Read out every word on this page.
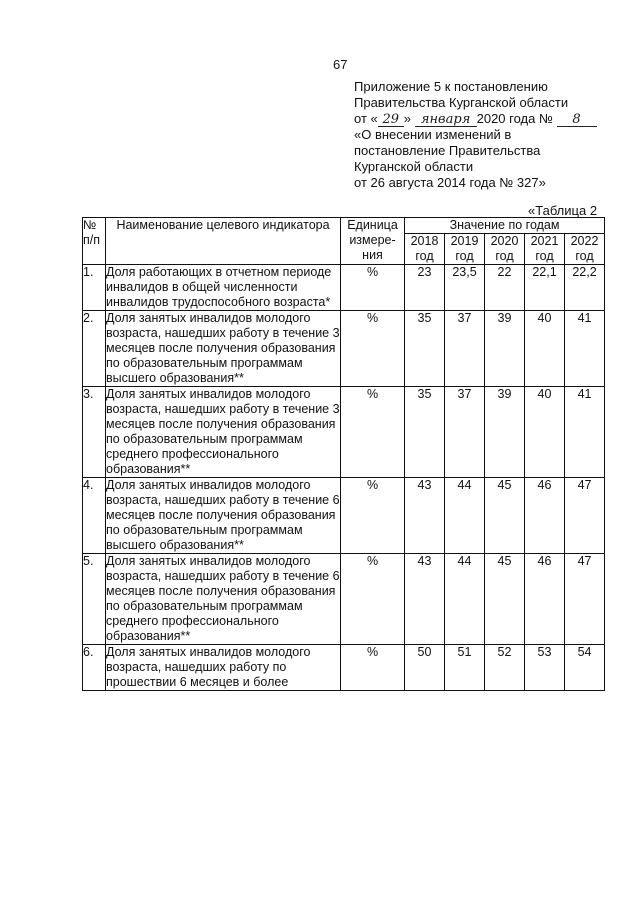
67
Приложение 5 к постановлению
Правительства Курганской области
от « 29 » января 2020 года № 8
«О внесении изменений в
постановление Правительства
Курганской области
от 26 августа 2014 года № 327»
«Таблица 2
№ п/п	Наименование целевого индикатора	Единица измере-ния	Значение по годам				
			2018 год	2019 год	2020 год	2021 год	2022 год
1.	Доля работающих в отчетном периоде инвалидов в общей численности инвалидов трудоспособного возраста*	%	23	23,5	22	22,1	22,2
2.	Доля занятых инвалидов молодого возраста, нашедших работу в течение 3 месяцев после получения образования по образовательным программам высшего образования**	%	35	37	39	40	41
3.	Доля занятых инвалидов молодого возраста, нашедших работу в течение 3 месяцев после получения образования по образовательным программам среднего профессионального образования**	%	35	37	39	40	41
4.	Доля занятых инвалидов молодого возраста, нашедших работу в течение 6 месяцев после получения образования по образовательным программам высшего образования**	%	43	44	45	46	47
5.	Доля занятых инвалидов молодого возраста, нашедших работу в течение 6 месяцев после получения образования по образовательным программам среднего профессионального образования**	%	43	44	45	46	47
6.	Доля занятых инвалидов молодого возраста, нашедших работу по прошествии 6 месяцев и более	%	50	51	52	53	54
